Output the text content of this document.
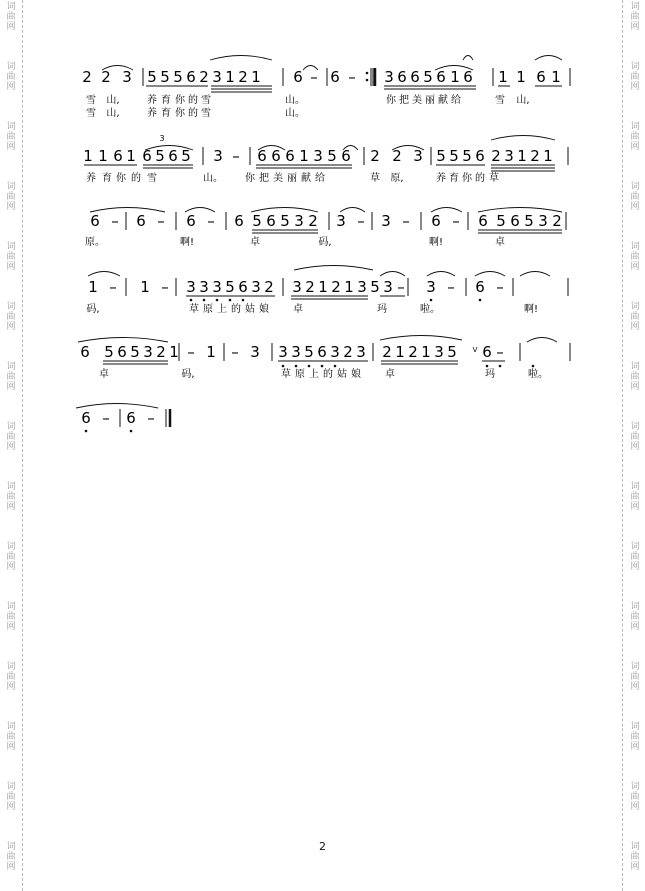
词
曲
网
词
曲
网
词
曲
网
词
曲
网
词
曲
网
词
曲
网
词
曲
网
词
曲
网
词
曲
网
词
曲
网
词
曲
网
词
曲
网
词
曲
网
词
曲
网
词
曲
网
词
曲
网
词
曲
网
词
曲
网
词
曲
网
词
曲
网
词
曲
网
词
曲
网
词
曲
网
词
曲
网
词
曲
网
词
曲
网
词
曲
网
词
曲
网
词
曲
网
词
曲
网
2 2 3 5 5 5 6 2 3 1 2 1 6 – 6 – 3 6 6 5 6 1 6 1 1 6 1
雪 山,	养 育 你 的 雪	山。	你 把 美 丽 献 给	雪 山,
雪 山,	养 育 你 的 雪	山。
1 1 6 1 6 5 6 5 3 – 6 6 6 1 3 5 6 2 2 3 5 5 5 6 2 3 1 2 1
养 育 你 的 雪	山。 你 把 美 丽 献 给	草 原,	养 育 你 的 草
3
6 – 6 – 6 – 6 5 6 5 3 2 3 – 3 – 6 – 6 5 6 5 3 2
原。	啊!	卓	码,	啊!	卓
1 – 1 – 3 3 3 5 6 3 2 3 2 1 2 1 3 5 3 – 3 – 6 –
码,	草 原 上 的 姑 娘 卓	玛	啦。	啊!
6 5 6 5 3 2 1 – 1 – 3 3 3 5 6 3 2 3 2 1 2 1 3 5 6 –
卓	码,	草 原 上 的 姑 娘 卓	玛	啦。
V
6 – 6 –
2
